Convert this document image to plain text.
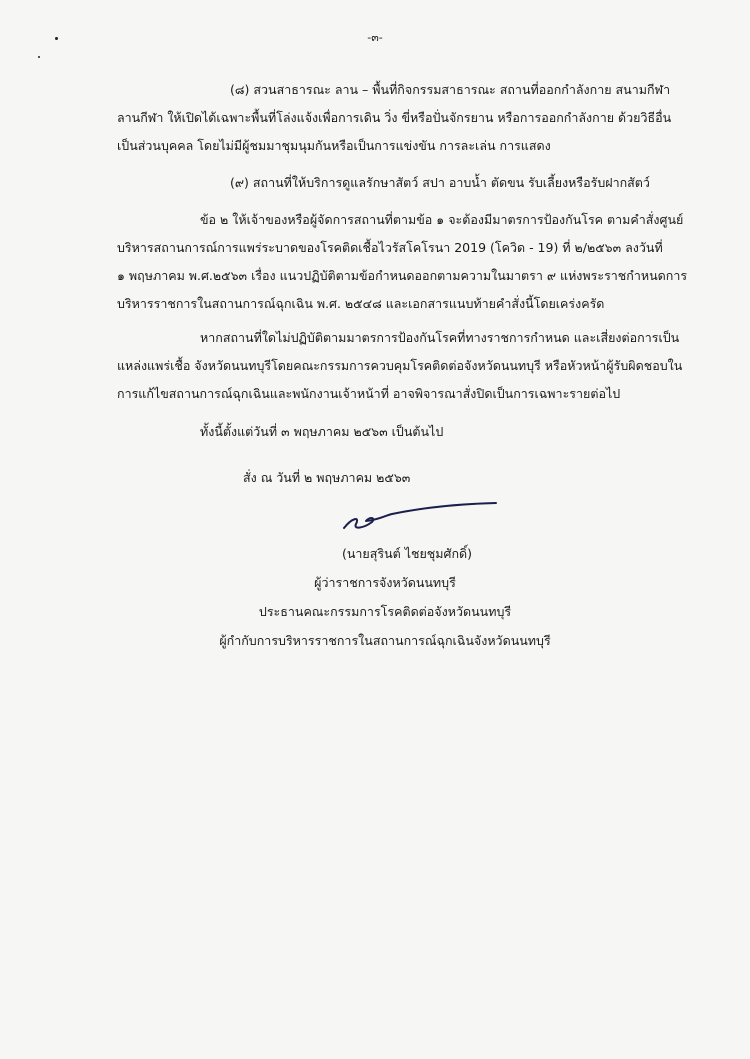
-๓-
(๘) สวนสาธารณะ ลาน – พื้นที่กิจกรรมสาธารณะ สถานที่ออกกำลังกาย สนามกีฬา
ลานกีฬา ให้เปิดได้เฉพาะพื้นที่โล่งแจ้งเพื่อการเดิน วิ่ง ขี่หรือปั่นจักรยาน หรือการออกกำลังกาย ด้วยวิธีอื่น
เป็นส่วนบุคคล โดยไม่มีผู้ชมมาชุมนุมกันหรือเป็นการแข่งขัน การละเล่น การแสดง
(๙) สถานที่ให้บริการดูแลรักษาสัตว์ สปา อาบน้ำ ตัดขน รับเลี้ยงหรือรับฝากสัตว์
ข้อ ๒ ให้เจ้าของหรือผู้จัดการสถานที่ตามข้อ ๑ จะต้องมีมาตรการป้องกันโรค ตามคำสั่งศูนย์
บริหารสถานการณ์การแพร่ระบาดของโรคติดเชื้อไวรัสโคโรนา 2019 (โควิด - 19) ที่ ๒/๒๕๖๓ ลงวันที่
๑ พฤษภาคม พ.ศ.๒๕๖๓ เรื่อง แนวปฏิบัติตามข้อกำหนดออกตามความในมาตรา ๙ แห่งพระราชกำหนดการ
บริหารราชการในสถานการณ์ฉุกเฉิน พ.ศ. ๒๕๔๘ และเอกสารแนบท้ายคำสั่งนี้โดยเคร่งครัด
หากสถานที่ใดไม่ปฏิบัติตามมาตรการป้องกันโรคที่ทางราชการกำหนด และเสี่ยงต่อการเป็น
แหล่งแพร่เชื้อ จังหวัดนนทบุรีโดยคณะกรรมการควบคุมโรคติดต่อจังหวัดนนทบุรี หรือหัวหน้าผู้รับผิดชอบใน
การแก้ไขสถานการณ์ฉุกเฉินและพนักงานเจ้าหน้าที่ อาจพิจารณาสั่งปิดเป็นการเฉพาะรายต่อไป
ทั้งนี้ตั้งแต่วันที่ ๓ พฤษภาคม ๒๕๖๓ เป็นต้นไป
สั่ง ณ วันที่ ๒ พฤษภาคม ๒๕๖๓
(นายสุรินต์ ไชยชุมศักดิ์)
ผู้ว่าราชการจังหวัดนนทบุรี
ประธานคณะกรรมการโรคติดต่อจังหวัดนนทบุรี
ผู้กำกับการบริหารราชการในสถานการณ์ฉุกเฉินจังหวัดนนทบุรี
